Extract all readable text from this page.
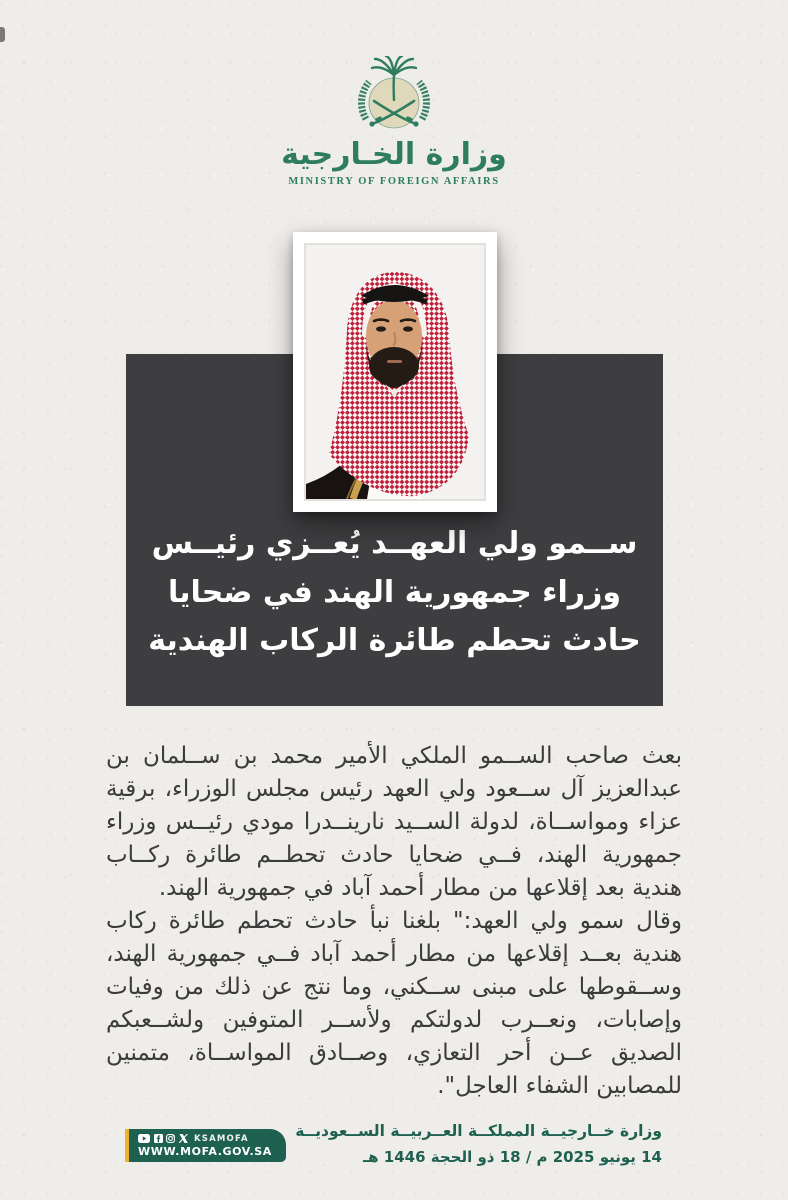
وزارة الخـارجية
MINISTRY OF FOREIGN AFFAIRS
ســمو ولي العهــد يُعــزي رئيــس وزراء جمهورية الهند في ضحايا حادث تحطم طائرة الركاب الهندية

بعث صاحب الســمو الملكي الأمير محمد بن ســلمان بن عبدالعزيز آل ســعود ولي العهد رئيس مجلس الوزراء، برقية عزاء ومواســاة، لدولة الســيد نارينــدرا مودي رئيــس وزراء جمهورية الهند، فــي ضحايا حادث تحطــم طائرة ركــاب هندية بعد إقلاعها من مطار أحمد آباد في جمهورية الهند.

وقال سمو ولي العهد:" بلغنا نبأ حادث تحطم طائرة ركاب هندية بعــد إقلاعها من مطار أحمد آباد فــي جمهورية الهند، وســقوطها على مبنى ســكني، وما نتج عن ذلك من وفيات وإصابات، ونعــرب لدولتكم ولأســر المتوفين ولشــعبكم الصديق عــن أحر التعازي، وصــادق المواســاة، متمنين للمصابين الشفاء العاجل".

KSAMOFA
WWW.MOFA.GOV.SA
وزارة خــارجيــة المملكــة العــربيــة الســعوديــة
14 يونيو 2025 م / 18 ذو الحجة 1446 هـ
